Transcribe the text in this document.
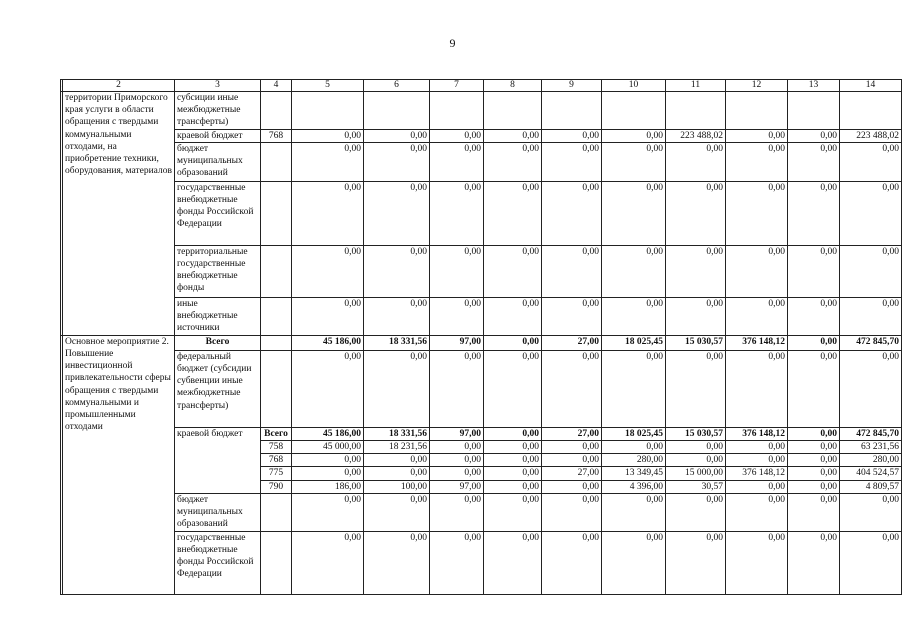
9
	2	3	4	5	6	7	8	9	10	11	12	13	14
	территории Приморского края услуги в области обращения с твердыми коммунальными отходами, на приобретение техники, оборудования, материалов	субсиции иные межбюджетные трансферты)											
		краевой бюджет	768	0,00	0,00	0,00	0,00	0,00	0,00	223 488,02	0,00	0,00	223 488,02
		бюджет муниципальных образований		0,00	0,00	0,00	0,00	0,00	0,00	0,00	0,00	0,00	0,00
		государственные внебюджетные фонды Российской Федерации		0,00	0,00	0,00	0,00	0,00	0,00	0,00	0,00	0,00	0,00
		территориальные государственные внебюджетные фонды		0,00	0,00	0,00	0,00	0,00	0,00	0,00	0,00	0,00	0,00
		иные внебюджетные источники		0,00	0,00	0,00	0,00	0,00	0,00	0,00	0,00	0,00	0,00
	Основное мероприятие 2. Повышение инвестиционной привлекательности сферы обращения с твердыми коммунальными и промышленными отходами	Всего		45 186,00	18 331,56	97,00	0,00	27,00	18 025,45	15 030,57	376 148,12	0,00	472 845,70
		федеральный бюджет (субсидии субвенции иные межбюджетные трансферты)		0,00	0,00	0,00	0,00	0,00	0,00	0,00	0,00	0,00	0,00
		краевой бюджет	Всего	45 186,00	18 331,56	97,00	0,00	27,00	18 025,45	15 030,57	376 148,12	0,00	472 845,70
			758	45 000,00	18 231,56	0,00	0,00	0,00	0,00	0,00	0,00	0,00	63 231,56
			768	0,00	0,00	0,00	0,00	0,00	280,00	0,00	0,00	0,00	280,00
			775	0,00	0,00	0,00	0,00	27,00	13 349,45	15 000,00	376 148,12	0,00	404 524,57
			790	186,00	100,00	97,00	0,00	0,00	4 396,00	30,57	0,00	0,00	4 809,57
		бюджет муниципальных образований		0,00	0,00	0,00	0,00	0,00	0,00	0,00	0,00	0,00	0,00
		государственные внебюджетные фонды Российской Федерации		0,00	0,00	0,00	0,00	0,00	0,00	0,00	0,00	0,00	0,00
